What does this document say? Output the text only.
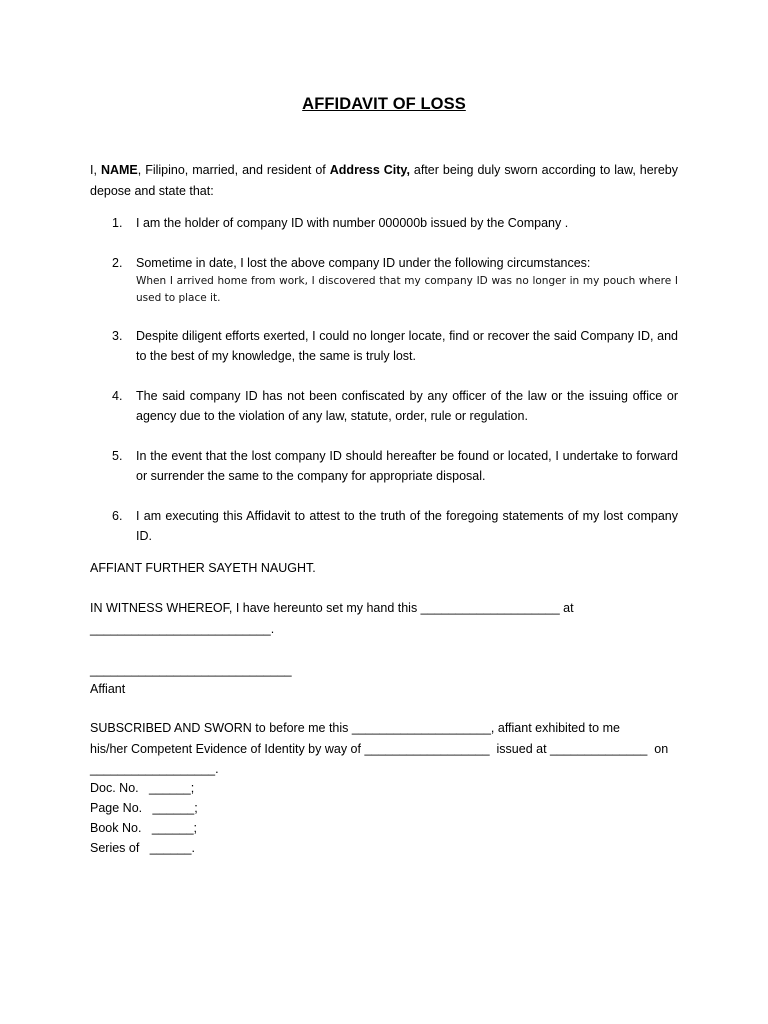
AFFIDAVIT OF LOSS
I, NAME, Filipino, married, and resident of Address City, after being duly sworn according to law, hereby depose and state that:
1. I am the holder of company ID with number 000000b issued by the Company .
2. Sometime in date, I lost the above company ID under the following circumstances:
When I arrived home from work, I discovered that my company ID was no longer in my pouch where I used to place it.
3. Despite diligent efforts exerted, I could no longer locate, find or recover the said Company ID, and to the best of my knowledge, the same is truly lost.
4. The said company ID has not been confiscated by any officer of the law or the issuing office or agency due to the violation of any law, statute, order, rule or regulation.
5. In the event that the lost company ID should hereafter be found or located, I undertake to forward or surrender the same to the company for appropriate disposal.
6. I am executing this Affidavit to attest to the truth of the foregoing statements of my lost company ID.
AFFIANT FURTHER SAYETH NAUGHT.
IN WITNESS WHEREOF, I have hereunto set my hand this ____________________ at
__________________________.
_____________________________
Affiant
SUBSCRIBED AND SWORN to before me this ____________________, affiant exhibited to me
his/her Competent Evidence of Identity by way of __________________  issued at ______________  on
__________________.
Doc. No.   ______;
Page No.   ______;
Book No.   ______;
Series of   ______.
